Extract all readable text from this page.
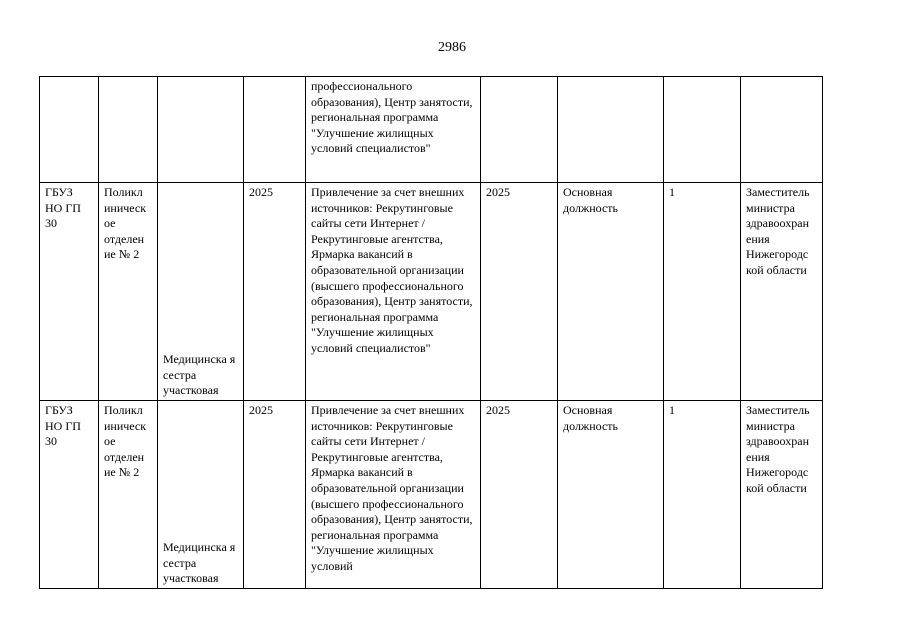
2986
				профессионального образования), Центр занятости, региональная программа "Улучшение жилищных условий специалистов"				
ГБУЗ НО ГП 30	Поликл иническ ое отделен ие № 2	Медицинска я сестра участковая	2025	Привлечение за счет внешних источников: Рекрутинговые сайты сети Интернет / Рекрутинговые агентства, Ярмарка вакансий в образовательной организации (высшего профессионального образования), Центр занятости, региональная программа "Улучшение жилищных условий специалистов"	2025	Основная должность	1	Заместитель министра здравоохран ения Нижегородс кой области
ГБУЗ НО ГП 30	Поликл иническ ое отделен ие № 2	Медицинска я сестра участковая	2025	Привлечение за счет внешних источников: Рекрутинговые сайты сети Интернет / Рекрутинговые агентства, Ярмарка вакансий в образовательной организации (высшего профессионального образования), Центр занятости, региональная программа "Улучшение жилищных условий	2025	Основная должность	1	Заместитель министра здравоохран ения Нижегородс кой области
